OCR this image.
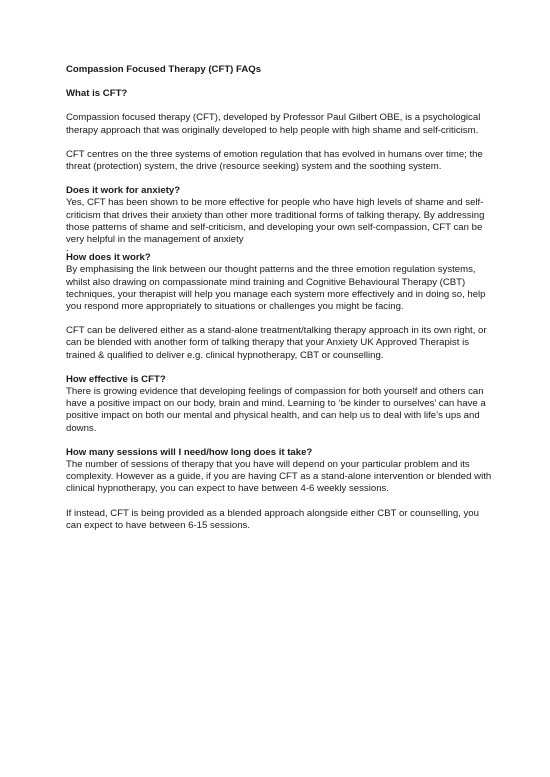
Compassion Focused Therapy (CFT) FAQs

What is CFT?

Compassion focused therapy (CFT), developed by Professor Paul Gilbert OBE, is a psychological therapy approach that was originally developed to help people with high shame and self-criticism.

CFT centres on the three systems of emotion regulation that has evolved in humans over time; the threat (protection) system, the drive (resource seeking) system and the soothing system.

Does it work for anxiety?

Yes, CFT has been shown to be more effective for people who have high levels of shame and self-criticism that drives their anxiety than other more traditional forms of talking therapy. By addressing those patterns of shame and self-criticism, and developing your own self-compassion, CFT can be very helpful in the management of anxiety

.

How does it work?

By emphasising the link between our thought patterns and the three emotion regulation systems, whilst also drawing on compassionate mind training and Cognitive Behavioural Therapy (CBT) techniques, your therapist will help you manage each system more effectively and in doing so, help you respond more appropriately to situations or challenges you might be facing.

CFT can be delivered either as a stand-alone treatment/talking therapy approach in its own right, or can be blended with another form of talking therapy that your Anxiety UK Approved Therapist is trained & qualified to deliver e.g. clinical hypnotherapy, CBT or counselling.

How effective is CFT?

There is growing evidence that developing feelings of compassion for both yourself and others can have a positive impact on our body, brain and mind. Learning to ‘be kinder to ourselves’ can have a positive impact on both our mental and physical health, and can help us to deal with life’s ups and downs.

How many sessions will I need/how long does it take?

The number of sessions of therapy that you have will depend on your particular problem and its complexity. However as a guide, if you are having CFT as a stand-alone intervention or blended with clinical hypnotherapy, you can expect to have between 4-6 weekly sessions.

If instead, CFT is being provided as a blended approach alongside either CBT or counselling, you can expect to have between 6-15 sessions.
